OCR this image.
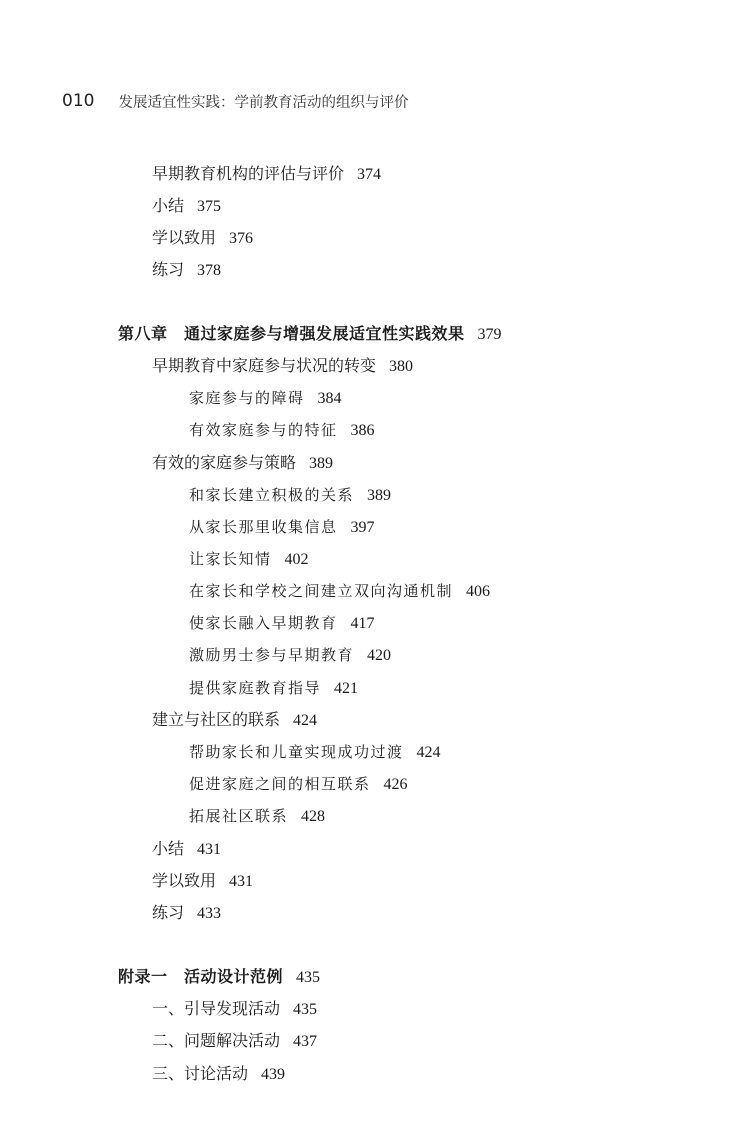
010 发展适宜性实践：学前教育活动的组织与评价
早期教育机构的评估与评价 374
小结 375
学以致用 376
练习 378
第八章　通过家庭参与增强发展适宜性实践效果 379
早期教育中家庭参与状况的转变 380
家庭参与的障碍 384
有效家庭参与的特征 386
有效的家庭参与策略 389
和家长建立积极的关系 389
从家长那里收集信息 397
让家长知情 402
在家长和学校之间建立双向沟通机制 406
使家长融入早期教育 417
激励男士参与早期教育 420
提供家庭教育指导 421
建立与社区的联系 424
帮助家长和儿童实现成功过渡 424
促进家庭之间的相互联系 426
拓展社区联系 428
小结 431
学以致用 431
练习 433
附录一　活动设计范例 435
一、引导发现活动 435
二、问题解决活动 437
三、讨论活动 439
